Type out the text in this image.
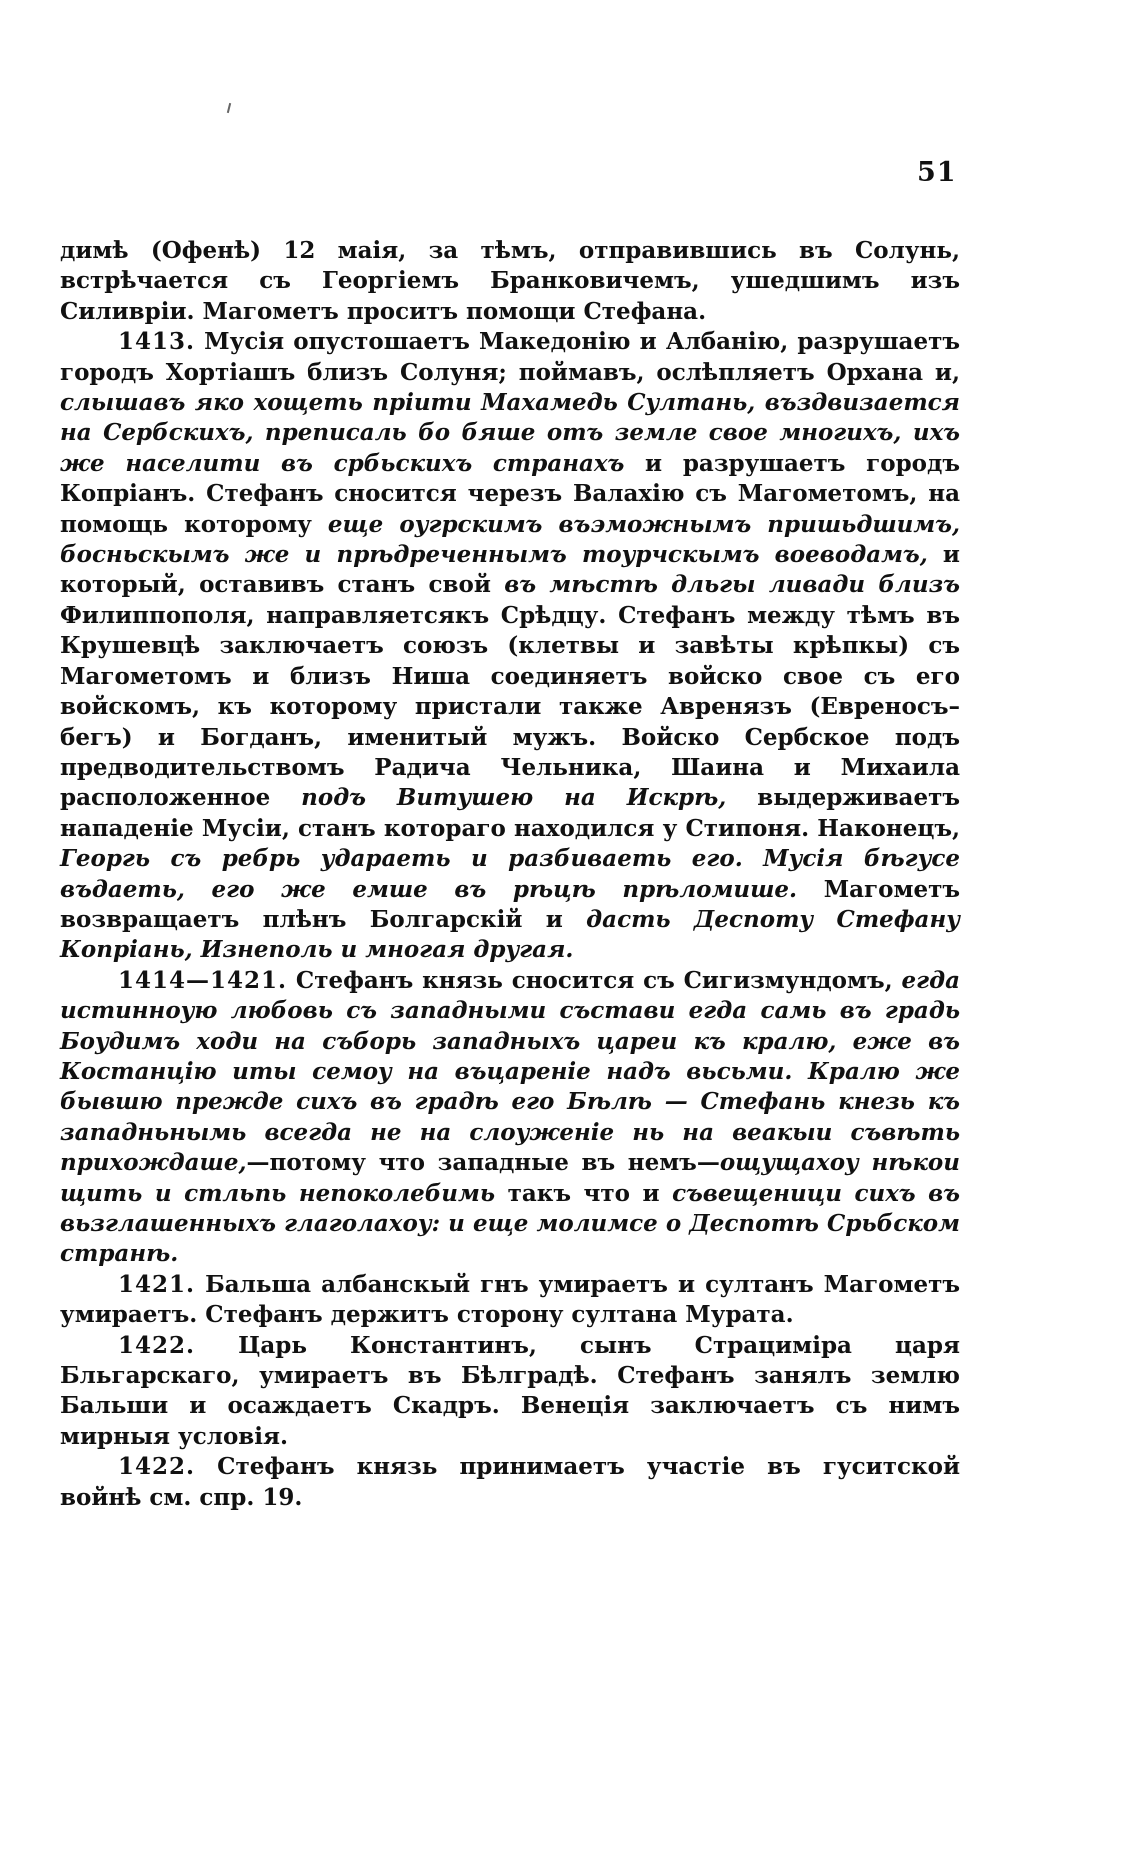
51

димѣ (Офенѣ) 12 маія, за тѣмъ, отправившись въ Солунь, встрѣчается съ Георгіемъ Бранковичемъ, ушедшимъ изъ Силивріи. Магометъ проситъ помощи Стефана.

1413. Мусія опустошаетъ Македонію и Албанію, разрушаетъ городъ Хортіашъ близъ Солуня; поймавъ, ослѣпляетъ Орхана и, слышавъ яко хощеть пріити Махамедь Султань, въздвизается на Сербскихъ, преписаль бо бяше отъ земле свое многихъ, ихъ же населити въ србьскихъ странахъ и разрушаетъ городъ Копріанъ. Стефанъ сносится черезъ Валахію съ Магометомъ, на помощь которому еще оугрскимъ въэможнымъ пришьдшимъ, босньскымъ же и прѣдреченнымъ тоурчскымъ воеводамъ, и который, оставивъ станъ свой въ мѣстѣ дльгы ливади близъ Филиппополя, направляетсякъ Срѣдцу. Стефанъ между тѣмъ въ Крушевцѣ заключаетъ союзъ (клетвы и завѣты крѣпкы) съ Магометомъ и близъ Ниша соединяетъ войско свое съ его войскомъ, къ которому пристали также Авренязъ (Евреносъ–бегъ) и Богданъ, именитый мужъ. Войско Сербское подъ предводительствомъ Радича Чельника, Шаина и Михаила расположенное подъ Витушею на Искрѣ, выдерживаетъ нападеніе Мусіи, станъ котораго находился у Стипоня. Наконецъ, Георгь съ ребрь удараеть и разбиваеть его. Мусія бѣгусе въдаеть, его же емше въ рѣцѣ прѣломише. Магометъ возвращаетъ плѣнъ Болгарскій и дасть Деспоту Стефану Копріань, Изнеполь и многая другая.

1414—1421. Стефанъ князь сносится съ Сигизмундомъ, егда истинноую любовь съ западными състави егда самь въ градь Боудимъ ходи на съборь западныхъ цареи къ кралю, еже въ Костанцію иты семоу на въцареніе надъ вьсьми. Кралю же бывшю прежде сихъ въ градѣ его Бѣлѣ — Стефань кнезь къ западньнымь всегда не на слоуженіе нь на веакыи съвѣть прихождаше,—потому что западные въ немъ—ощущахоу нѣкои щить и стльпь непоколебимь такъ что и съвещеници сихъ въ вьзглашенныхъ глаголахоу: и еще молимсе о Деспотѣ Срьбском странѣ.

1421. Бальша албанскый гнъ умираетъ и султанъ Магометъ умираетъ. Стефанъ держитъ сторону султана Мурата.

1422. Царь Константинъ, сынъ Страциміра царя Бльгарскаго, умираетъ въ Бѣлградѣ. Стефанъ занялъ землю Бальши и осаждаетъ Скадръ. Венеція заключаетъ съ нимъ мирныя условія.

1422. Стефанъ князь принимаетъ участіе въ гуситской войнѣ см. спр. 19.
